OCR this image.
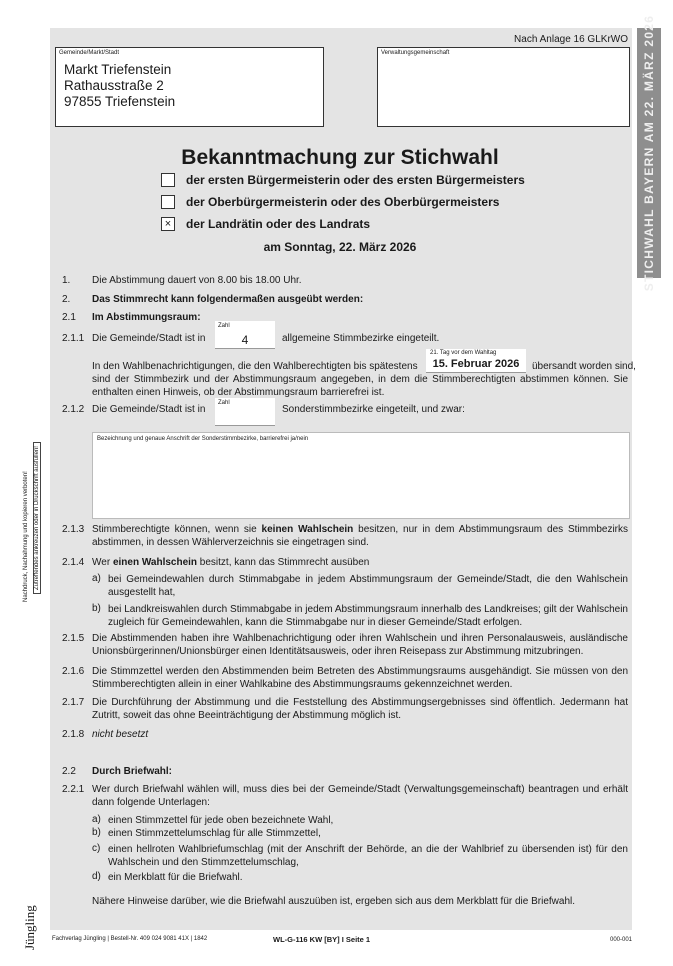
STICHWAHL BAYERN AM 22. MÄRZ 2026
Nach Anlage 16 GLKrWO
Gemeinde/Markt/Stadt
Markt Triefenstein
Rathausstraße 2
97855 Triefenstein
Verwaltungsgemeinschaft
Bekanntmachung zur Stichwahl
der ersten Bürgermeisterin oder des ersten Bürgermeisters
der Oberbürgermeisterin oder des Oberbürgermeisters
×	der Landrätin oder des Landrats
am Sonntag, 22. März 2026
1. Die Abstimmung dauert von 8.00 bis 18.00 Uhr.
2. Das Stimmrecht kann folgendermaßen ausgeübt werden:
2.1 Im Abstimmungsraum:
2.1.1 Die Gemeinde/Stadt ist in
Zahl
4	allgemeine Stimmbezirke eingeteilt.
In den Wahlbenachrichtigungen, die den Wahlberechtigten bis spätestens
21. Tag vor dem Wahltag
15. Februar 2026	übersandt worden sind,
sind der Stimmbezirk und der Abstimmungsraum angegeben, in dem die Stimmberechtigten abstimmen können. Sie enthalten einen Hinweis, ob der Abstimmungsraum barrierefrei ist.
2.1.2 Die Gemeinde/Stadt ist in
Zahl
Sonderstimmbezirke eingeteilt, und zwar:
Bezeichnung und genaue Anschrift der Sonderstimmbezirke, barrierefrei ja/nein
2.1.3 Stimmberechtigte können, wenn sie keinen Wahlschein besitzen, nur in dem Abstimmungsraum des Stimmbezirks abstimmen, in dessen Wählerverzeichnis sie eingetragen sind.
2.1.4 Wer einen Wahlschein besitzt, kann das Stimmrecht ausüben
a) bei Gemeindewahlen durch Stimmabgabe in jedem Abstimmungsraum der Gemeinde/Stadt, die den Wahlschein ausgestellt hat,
b) bei Landkreiswahlen durch Stimmabgabe in jedem Abstimmungsraum innerhalb des Landkreises; gilt der Wahlschein zugleich für Gemeindewahlen, kann die Stimmabgabe nur in dieser Gemeinde/Stadt erfolgen.
2.1.5 Die Abstimmenden haben ihre Wahlbenachrichtigung oder ihren Wahlschein und ihren Personalausweis, ausländische Unionsbürgerinnen/Unionsbürger einen Identitätsausweis, oder ihren Reisepass zur Abstimmung mitzubringen.
2.1.6 Die Stimmzettel werden den Abstimmenden beim Betreten des Abstimmungsraums ausgehändigt. Sie müssen von den Stimmberechtigten allein in einer Wahlkabine des Abstimmungsraums gekennzeichnet werden.
2.1.7 Die Durchführung der Abstimmung und die Feststellung des Abstimmungsergebnisses sind öffentlich. Jedermann hat Zutritt, soweit das ohne Beeinträchtigung der Abstimmung möglich ist.
2.1.8 nicht besetzt
2.2 Durch Briefwahl:
2.2.1 Wer durch Briefwahl wählen will, muss dies bei der Gemeinde/Stadt (Verwaltungsgemeinschaft) beantragen und erhält dann folgende Unterlagen:
a) einen Stimmzettel für jede oben bezeichnete Wahl,
b) einen Stimmzettelumschlag für alle Stimmzettel,
c) einen hellroten Wahlbriefumschlag (mit der Anschrift der Behörde, an die der Wahlbrief zu übersenden ist) für den Wahlschein und den Stimmzettelumschlag,
d) ein Merkblatt für die Briefwahl.
Nähere Hinweise darüber, wie die Briefwahl auszuüben ist, ergeben sich aus dem Merkblatt für die Briefwahl.
Nachdruck, Nachahmung und kopieren verboten! Zutreffendes ankreuzen oder in Druckschrift ausfüllen!
Jüngling	Fachverlag Jüngling | Bestell-Nr. 409 024 9081 41X | 1842	WL-G-116 KW [BY] I Seite 1	000-001
